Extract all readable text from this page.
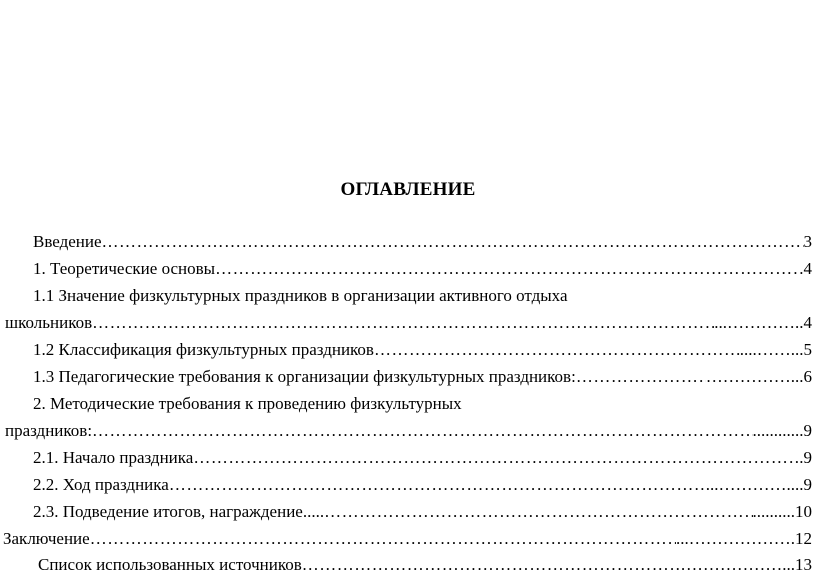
ОГЛАВЛЕНИЕ
Введение ………………………………………………………………………………………………………………………………………………………………………………………………………………	3
1. Теоретические основы ………………………………………………………………………………………………………………………………………………………………………………………………………………	.4
1.1 Значение физкультурных праздников в организации активного отдыха
школьников ………………………………………………………………………………………………………………………………………………………………………………………………………………	...…………..4
1.2 Классификация физкультурных праздников ………………………………………………………………………………………………………………………………………………………………………………………………………………	....……...5
1.3 Педагогические требования к организации физкультурных праздников: ………………………………………………………………………………………………………………………………………………………………………………………………………………	……………...6
2. Методические требования к проведению физкультурных
праздников: ………………………………………………………………………………………………………………………………………………………………………………………………………………	............9
2.1. Начало праздника ………………………………………………………………………………………………………………………………………………………………………………………………………………	.9
2.2. Ход праздника ………………………………………………………………………………………………………………………………………………………………………………………………………………	...…………....9
2.3. Подведение итогов, награждение..... ………………………………………………………………………………………………………………………………………………………………………………………………………………	..........10
Заключение ………………………………………………………………………………………………………………………………………………………………………………………………………………	...……………….12
Список использованных источников ………………………………………………………………………………………………………………………………………………………………………………………………………………	………………...13
